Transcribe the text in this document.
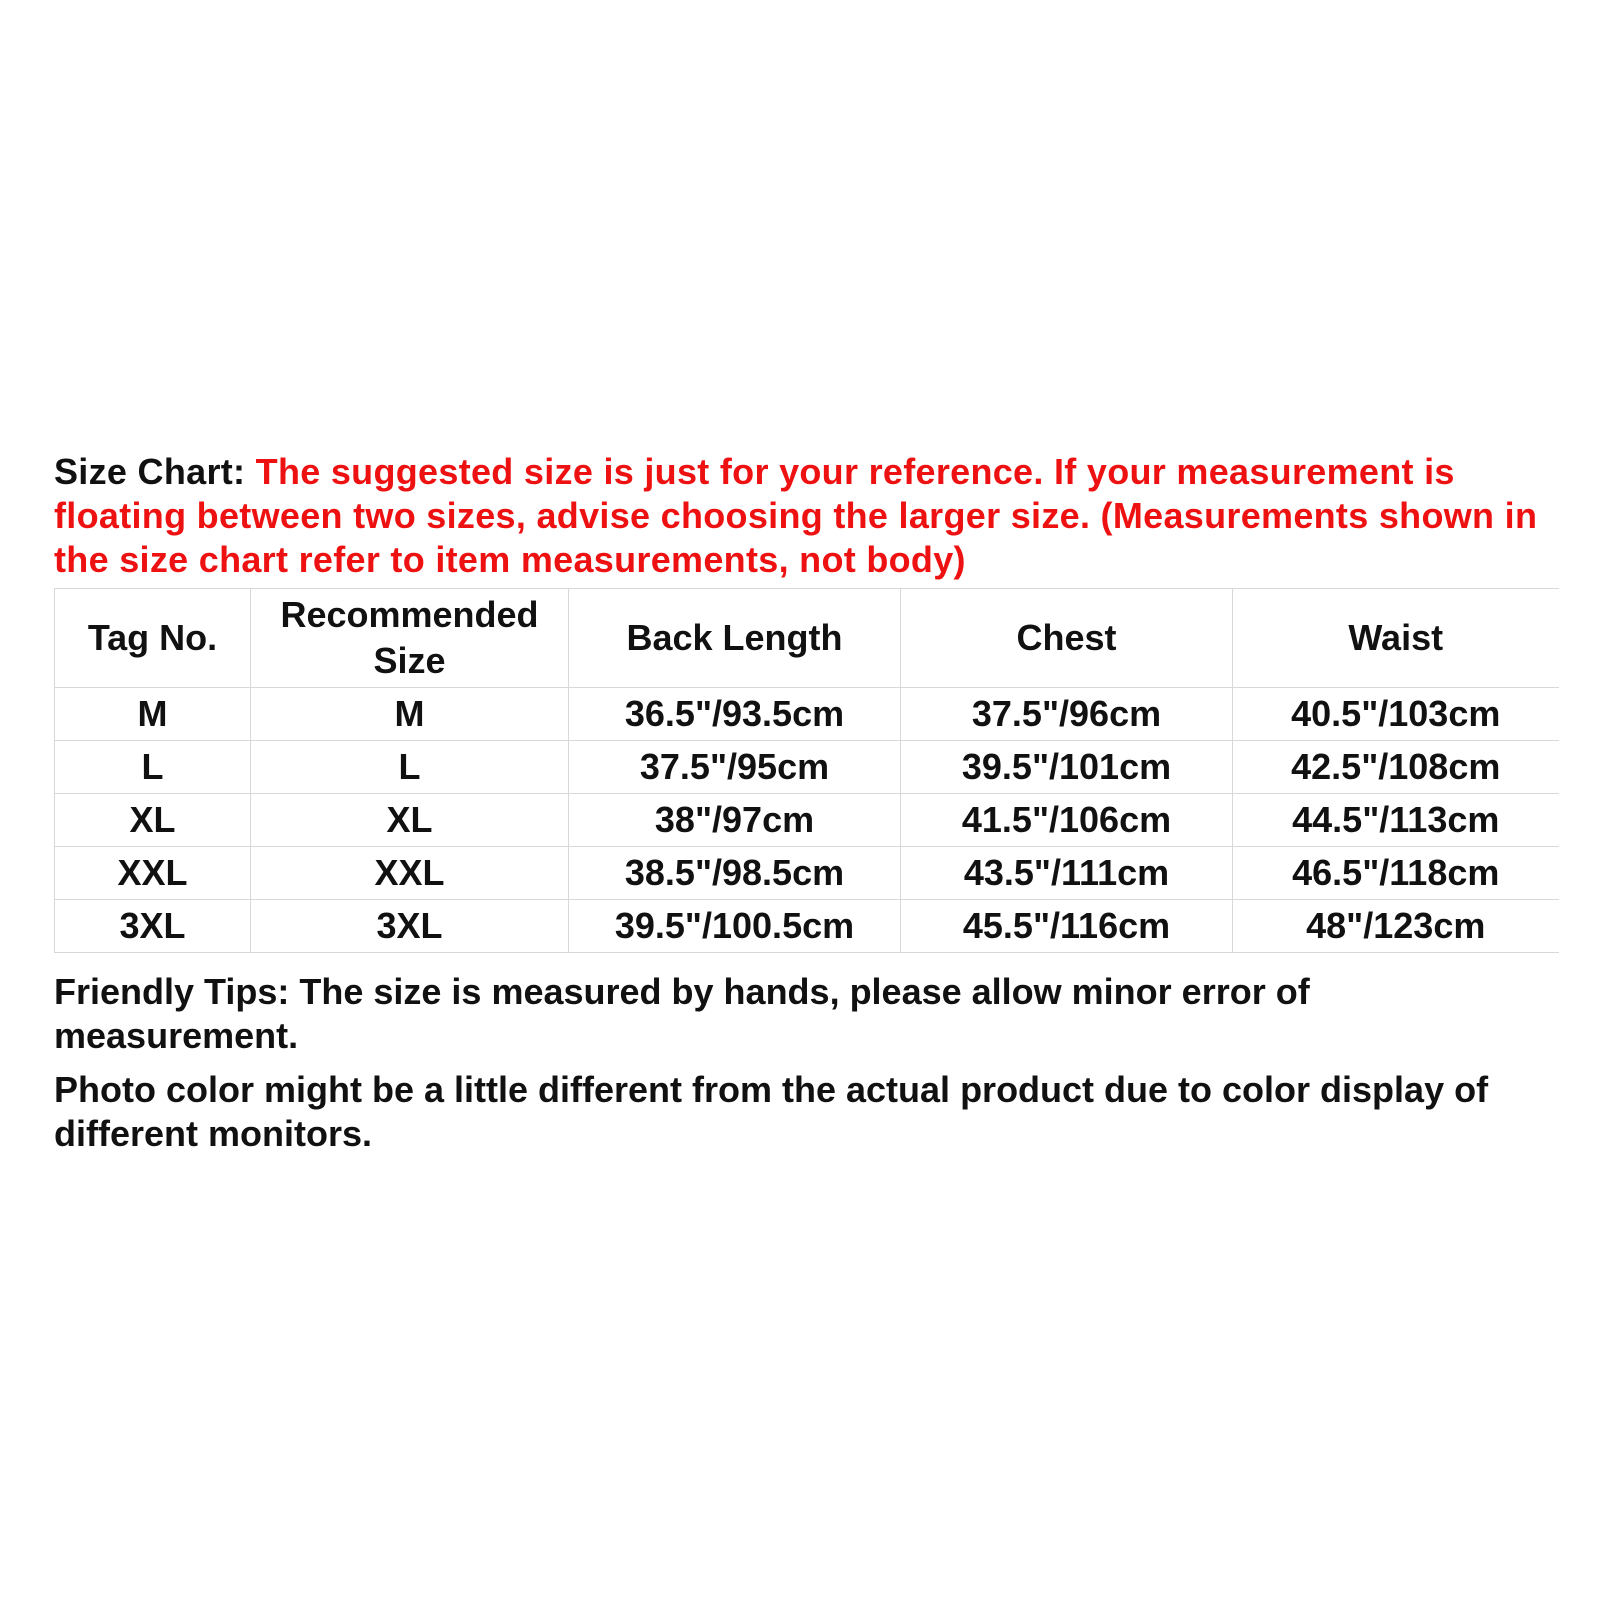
Size Chart: The suggested size is just for your reference. If your measurement is floating between two sizes, advise choosing the larger size. (Measurements shown in the size chart refer to item measurements, not body)
Tag No.	Recommended Size	Back Length	Chest	Waist
M	M	36.5"/93.5cm	37.5"/96cm	40.5"/103cm
L	L	37.5"/95cm	39.5"/101cm	42.5"/108cm
XL	XL	38"/97cm	41.5"/106cm	44.5"/113cm
XXL	XXL	38.5"/98.5cm	43.5"/111cm	46.5"/118cm
3XL	3XL	39.5"/100.5cm	45.5"/116cm	48"/123cm

Friendly Tips: The size is measured by hands, please allow minor error of measurement.

Photo color might be a little different from the actual product due to color display of different monitors.
